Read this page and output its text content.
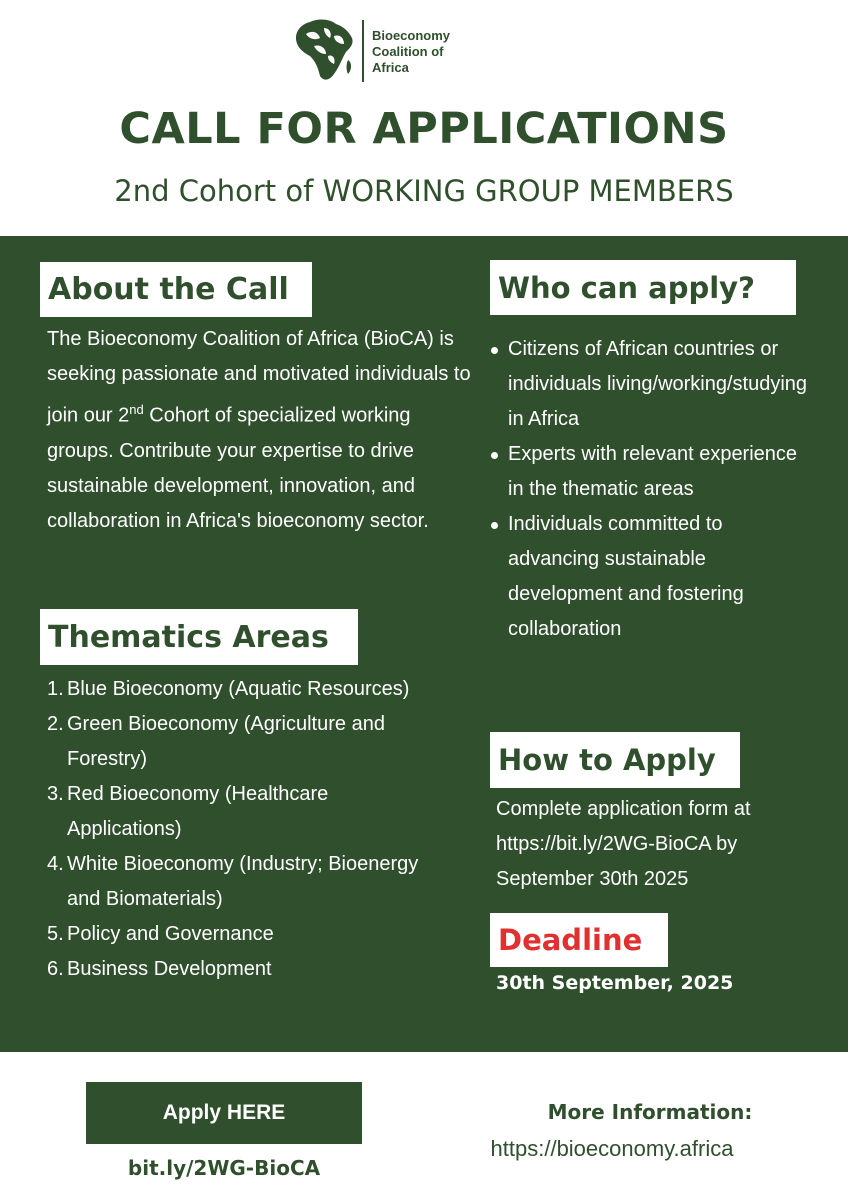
Bioeconomy
Coalition of
Africa
CALL FOR APPLICATIONS
2nd Cohort of WORKING GROUP MEMBERS
About the Call
The Bioeconomy Coalition of Africa (BioCA) is seeking passionate and motivated individuals to join our 2nd Cohort of specialized working groups. Contribute your expertise to drive sustainable development, innovation, and collaboration in Africa's bioeconomy sector.
Thematics Areas
1. Blue Bioeconomy (Aquatic Resources)
2. Green Bioeconomy (Agriculture and Forestry)
3. Red Bioeconomy (Healthcare Applications)
4. White Bioeconomy (Industry; Bioenergy and Biomaterials)
5. Policy and Governance
6. Business Development
Who can apply?
Citizens of African countries or individuals living/working/studying in Africa
Experts with relevant experience in the thematic areas
Individuals committed to advancing sustainable development and fostering collaboration
How to Apply
Complete application form at https://bit.ly/2WG-BioCA by September 30th 2025
Deadline
30th September, 2025
Apply HERE
bit.ly/2WG-BioCA
More Information:
https://bioeconomy.africa
